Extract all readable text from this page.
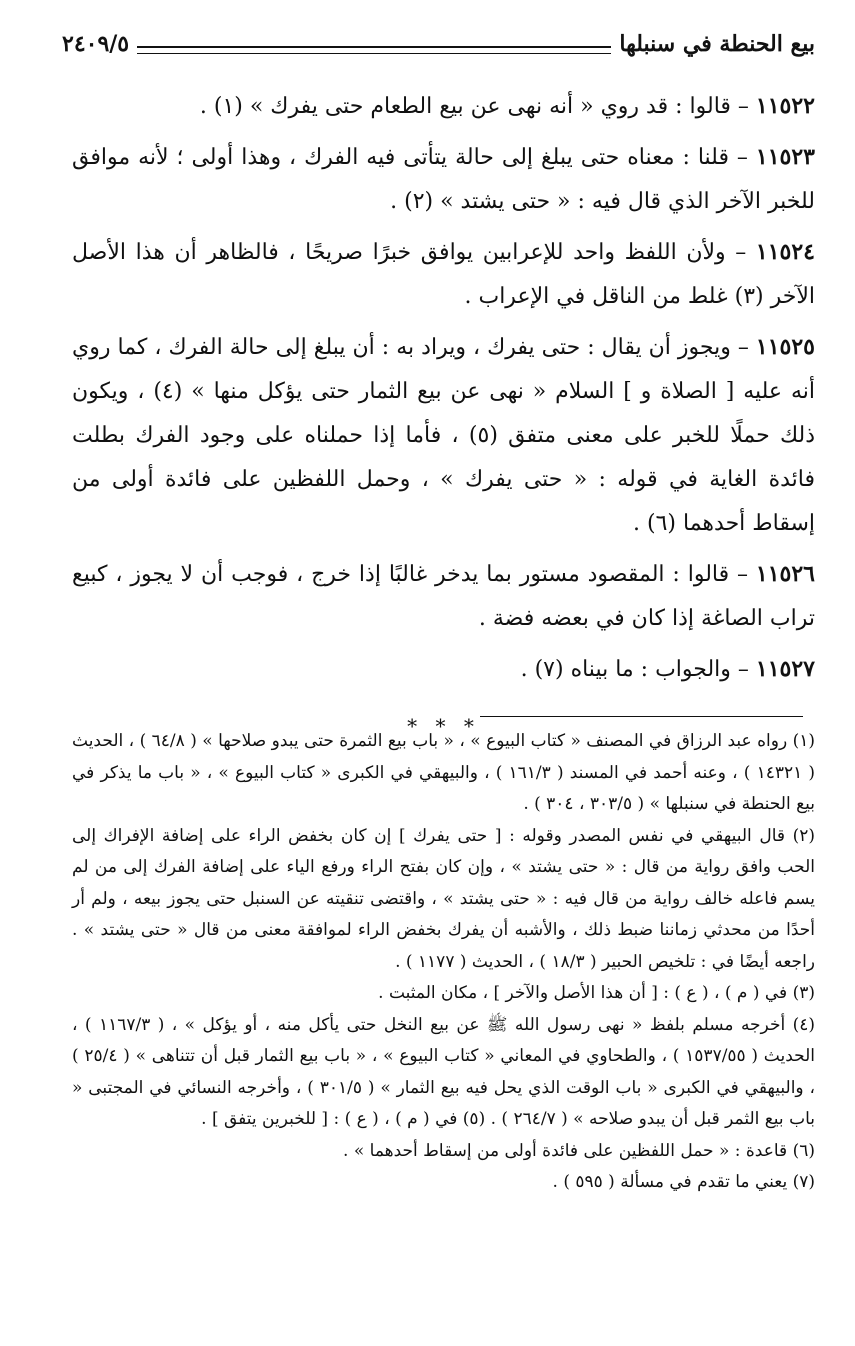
بيع الحنطة في سنبلها
٢٤٠٩/٥

١١٥٢٢ – قالوا : قد روي « أنه نهى عن بيع الطعام حتى يفرك » (١) .

١١٥٢٣ – قلنا : معناه حتى يبلغ إلى حالة يتأتى فيه الفرك ، وهذا أولى ؛ لأنه موافق للخبر الآخر الذي قال فيه : « حتى يشتد » (٢) .

١١٥٢٤ – ولأن اللفظ واحد للإعرابين يوافق خبرًا صريحًا ، فالظاهر أن هذا الأصل الآخر (٣) غلط من الناقل في الإعراب .

١١٥٢٥ – ويجوز أن يقال : حتى يفرك ، ويراد به : أن يبلغ إلى حالة الفرك ، كما روي أنه عليه [ الصلاة و ] السلام « نهى عن بيع الثمار حتى يؤكل منها » (٤) ، ويكون ذلك حملًا للخبر على معنى متفق (٥) ، فأما إذا حملناه على وجود الفرك بطلت فائدة الغاية في قوله : « حتى يفرك » ، وحمل اللفظين على فائدة أولى من إسقاط أحدهما (٦) .

١١٥٢٦ – قالوا : المقصود مستور بما يدخر غالبًا إذا خرج ، فوجب أن لا يجوز ، كبيع تراب الصاغة إذا كان في بعضه فضة .

١١٥٢٧ – والجواب : ما بيناه (٧) .

* * *

(١) رواه عبد الرزاق في المصنف « كتاب البيوع » ، « باب بيع الثمرة حتى يبدو صلاحها » ( ٦٤/٨ ) ، الحديث ( ١٤٣٢١ ) ، وعنه أحمد في المسند ( ١٦١/٣ ) ، والبيهقي في الكبرى « كتاب البيوع » ، « باب ما يذكر في بيع الحنطة في سنبلها » ( ٣٠٣/٥ ، ٣٠٤ ) .

(٢) قال البيهقي في نفس المصدر وقوله : [ حتى يفرك ] إن كان بخفض الراء على إضافة الإفراك إلى الحب وافق رواية من قال : « حتى يشتد » ، وإن كان بفتح الراء ورفع الياء على إضافة الفرك إلى من لم يسم فاعله خالف رواية من قال فيه : « حتى يشتد » ، واقتضى تنقيته عن السنبل حتى يجوز بيعه ، ولم أر أحدًا من محدثي زماننا ضبط ذلك ، والأشبه أن يفرك بخفض الراء لموافقة معنى من قال « حتى يشتد » . راجعه أيضًا في : تلخيص الحبير ( ١٨/٣ ) ، الحديث ( ١١٧٧ ) .

(٣) في ( م ) ، ( ع ) : [ أن هذا الأصل والآخر ] ، مكان المثبت .

(٤) أخرجه مسلم بلفظ « نهى رسول الله ﷺ عن بيع النخل حتى يأكل منه ، أو يؤكل » ، ( ١١٦٧/٣ ) ، الحديث ( ١٥٣٧/٥٥ ) ، والطحاوي في المعاني « كتاب البيوع » ، « باب بيع الثمار قبل أن تتناهى » ( ٢٥/٤ ) ، والبيهقي في الكبرى « باب الوقت الذي يحل فيه بيع الثمار » ( ٣٠١/٥ ) ، وأخرجه النسائي في المجتبى « باب بيع الثمر قبل أن يبدو صلاحه » ( ٢٦٤/٧ ) . (٥) في ( م ) ، ( ع ) : [ للخبرين يتفق ] .

(٦) قاعدة : « حمل اللفظين على فائدة أولى من إسقاط أحدهما » .

(٧) يعني ما تقدم في مسألة ( ٥٩٥ ) .
